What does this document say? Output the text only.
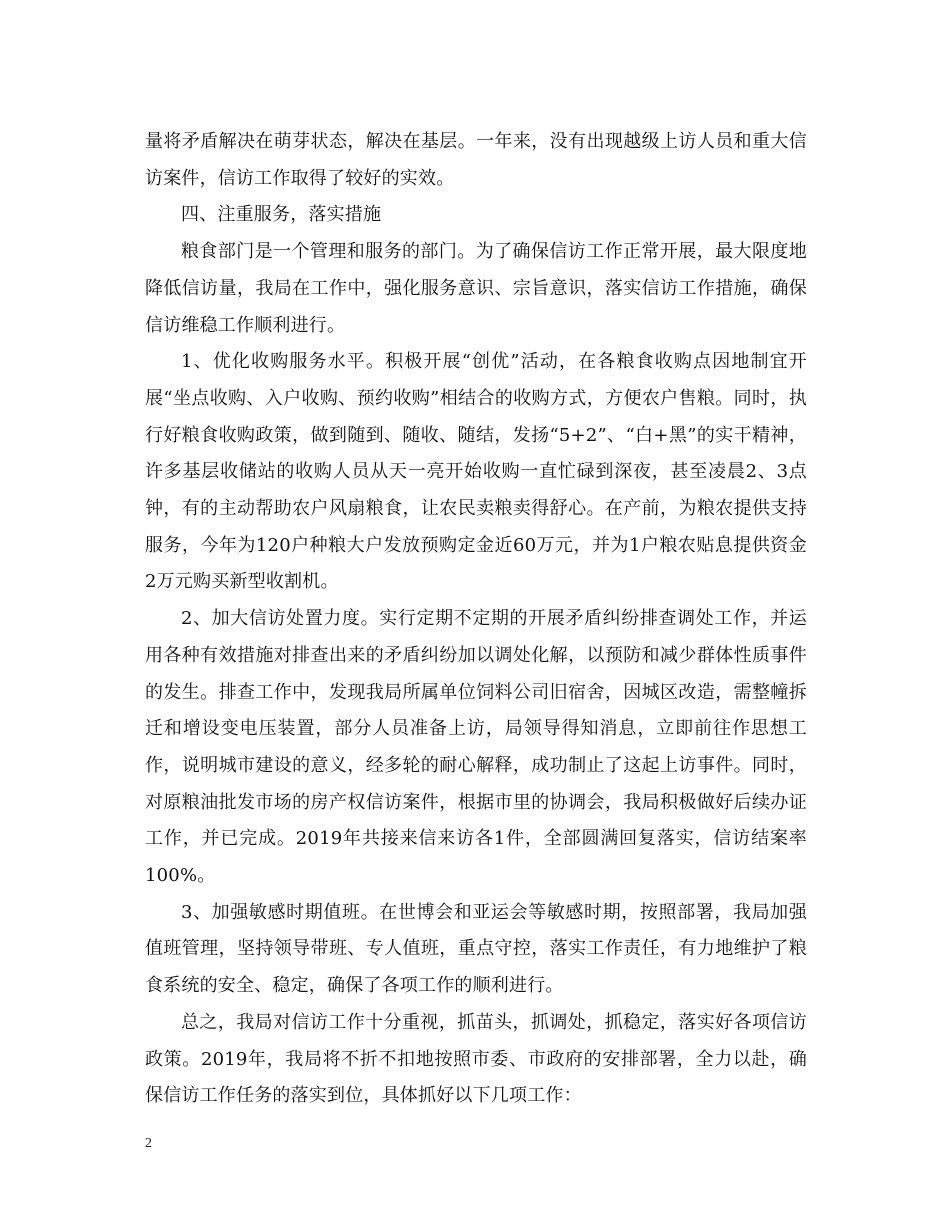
量将矛盾解决在萌芽状态，解决在基层。一年来，没有出现越级上访人员和重大信访案件，信访工作取得了较好的实效。

四、注重服务，落实措施

粮食部门是一个管理和服务的部门。为了确保信访工作正常开展，最大限度地降低信访量，我局在工作中，强化服务意识、宗旨意识，落实信访工作措施，确保信访维稳工作顺利进行。

1、优化收购服务水平。积极开展“创优”活动，在各粮食收购点因地制宜开展“坐点收购、入户收购、预约收购”相结合的收购方式，方便农户售粮。同时，执行好粮食收购政策，做到随到、随收、随结，发扬“5+2”、“白+黑”的实干精神，许多基层收储站的收购人员从天一亮开始收购一直忙碌到深夜，甚至凌晨2、3点钟，有的主动帮助农户风扇粮食，让农民卖粮卖得舒心。在产前，为粮农提供支持服务，今年为120户种粮大户发放预购定金近60万元，并为1户粮农贴息提供资金2万元购买新型收割机。

2、加大信访处置力度。实行定期不定期的开展矛盾纠纷排查调处工作，并运用各种有效措施对排查出来的矛盾纠纷加以调处化解，以预防和减少群体性质事件的发生。排查工作中，发现我局所属单位饲料公司旧宿舍，因城区改造，需整幢拆迁和增设变电压装置，部分人员准备上访，局领导得知消息，立即前往作思想工作，说明城市建设的意义，经多轮的耐心解释，成功制止了这起上访事件。同时，对原粮油批发市场的房产权信访案件，根据市里的协调会，我局积极做好后续办证工作，并已完成。2019年共接来信来访各1件，全部圆满回复落实，信访结案率100%。

3、加强敏感时期值班。在世博会和亚运会等敏感时期，按照部署，我局加强值班管理，坚持领导带班、专人值班，重点守控，落实工作责任，有力地维护了粮食系统的安全、稳定，确保了各项工作的顺利进行。

总之，我局对信访工作十分重视，抓苗头，抓调处，抓稳定，落实好各项信访政策。2019年，我局将不折不扣地按照市委、市政府的安排部署，全力以赴，确保信访工作任务的落实到位，具体抓好以下几项工作：

2
